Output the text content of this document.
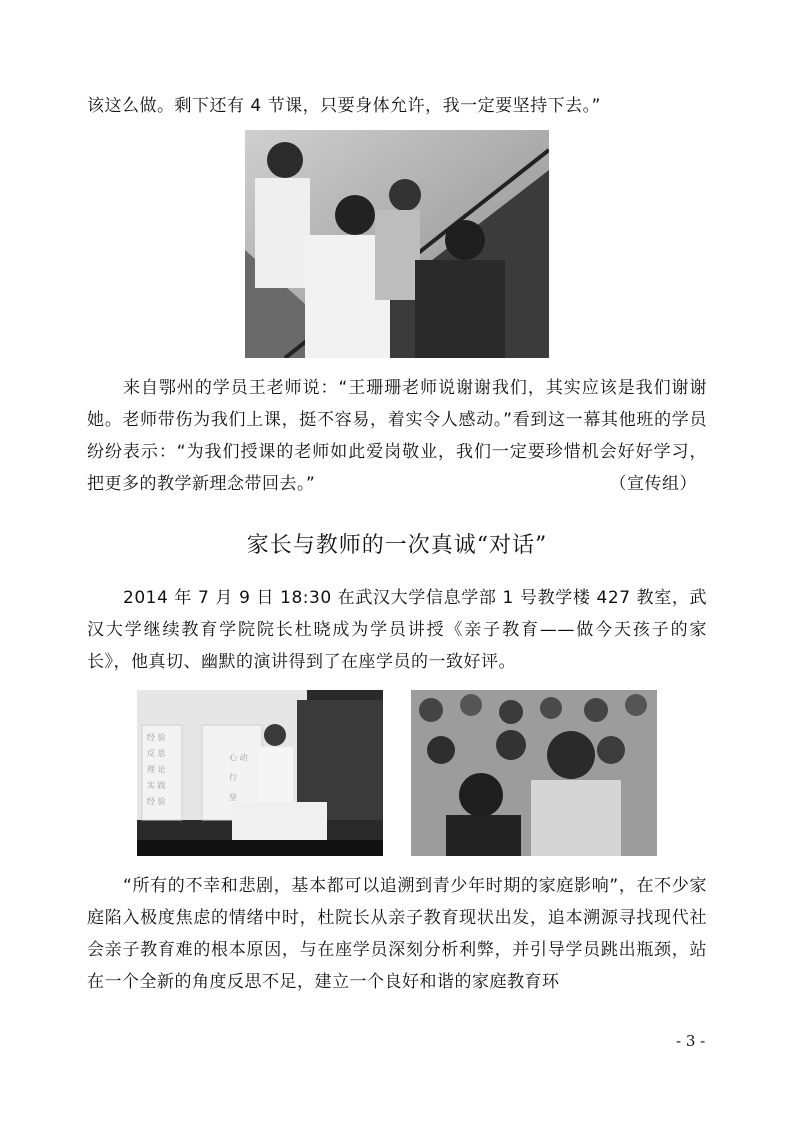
该这么做。剩下还有 4 节课，只要身体允许，我一定要坚持下去。”

来自鄂州的学员王老师说：“王珊珊老师说谢谢我们，其实应该是我们谢谢她。老师带伤为我们上课，挺不容易，着实令人感动。”看到这一幕其他班的学员纷纷表示：“为我们授课的老师如此爱岗敬业，我们一定要珍惜机会好好学习，把更多的教学新理念带回去。”	（宣传组）

家长与教师的一次真诚“对话”

2014 年 7 月 9 日 18:30 在武汉大学信息学部 1 号教学楼 427 教室，武汉大学继续教育学院院长杜晓成为学员讲授《亲子教育——做今天孩子的家长》，他真切、幽默的演讲得到了在座学员的一致好评。

经 验
反 思
理 论
实 践
经 验
心 动
行
坚

“所有的不幸和悲剧，基本都可以追溯到青少年时期的家庭影响”，在不少家庭陷入极度焦虑的情绪中时，杜院长从亲子教育现状出发，追本溯源寻找现代社会亲子教育难的根本原因，与在座学员深刻分析利弊，并引导学员跳出瓶颈，站在一个全新的角度反思不足，建立一个良好和谐的家庭教育环

- 3 -
